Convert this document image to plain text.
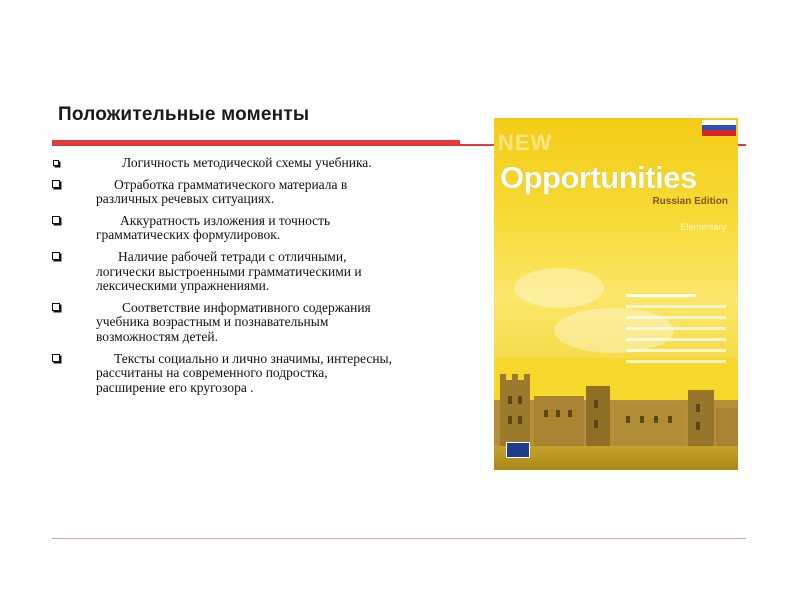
Положительные моменты
Логичность методической схемы учебника.
Отработка грамматического материала в различных речевых ситуациях.
Аккуратность изложения и точность грамматических формулировок.
Наличие рабочей тетради с отличными, логически выстроенными грамматическими и лексическими упражнениями.
Соответствие информативного содержания учебника возрастным и познавательным возможностям детей.
Тексты социально и лично значимы, интересны, рассчитаны на современного подростка, расширение его кругозора .
NEW
Opportunities
Russian Edition
Elementary
